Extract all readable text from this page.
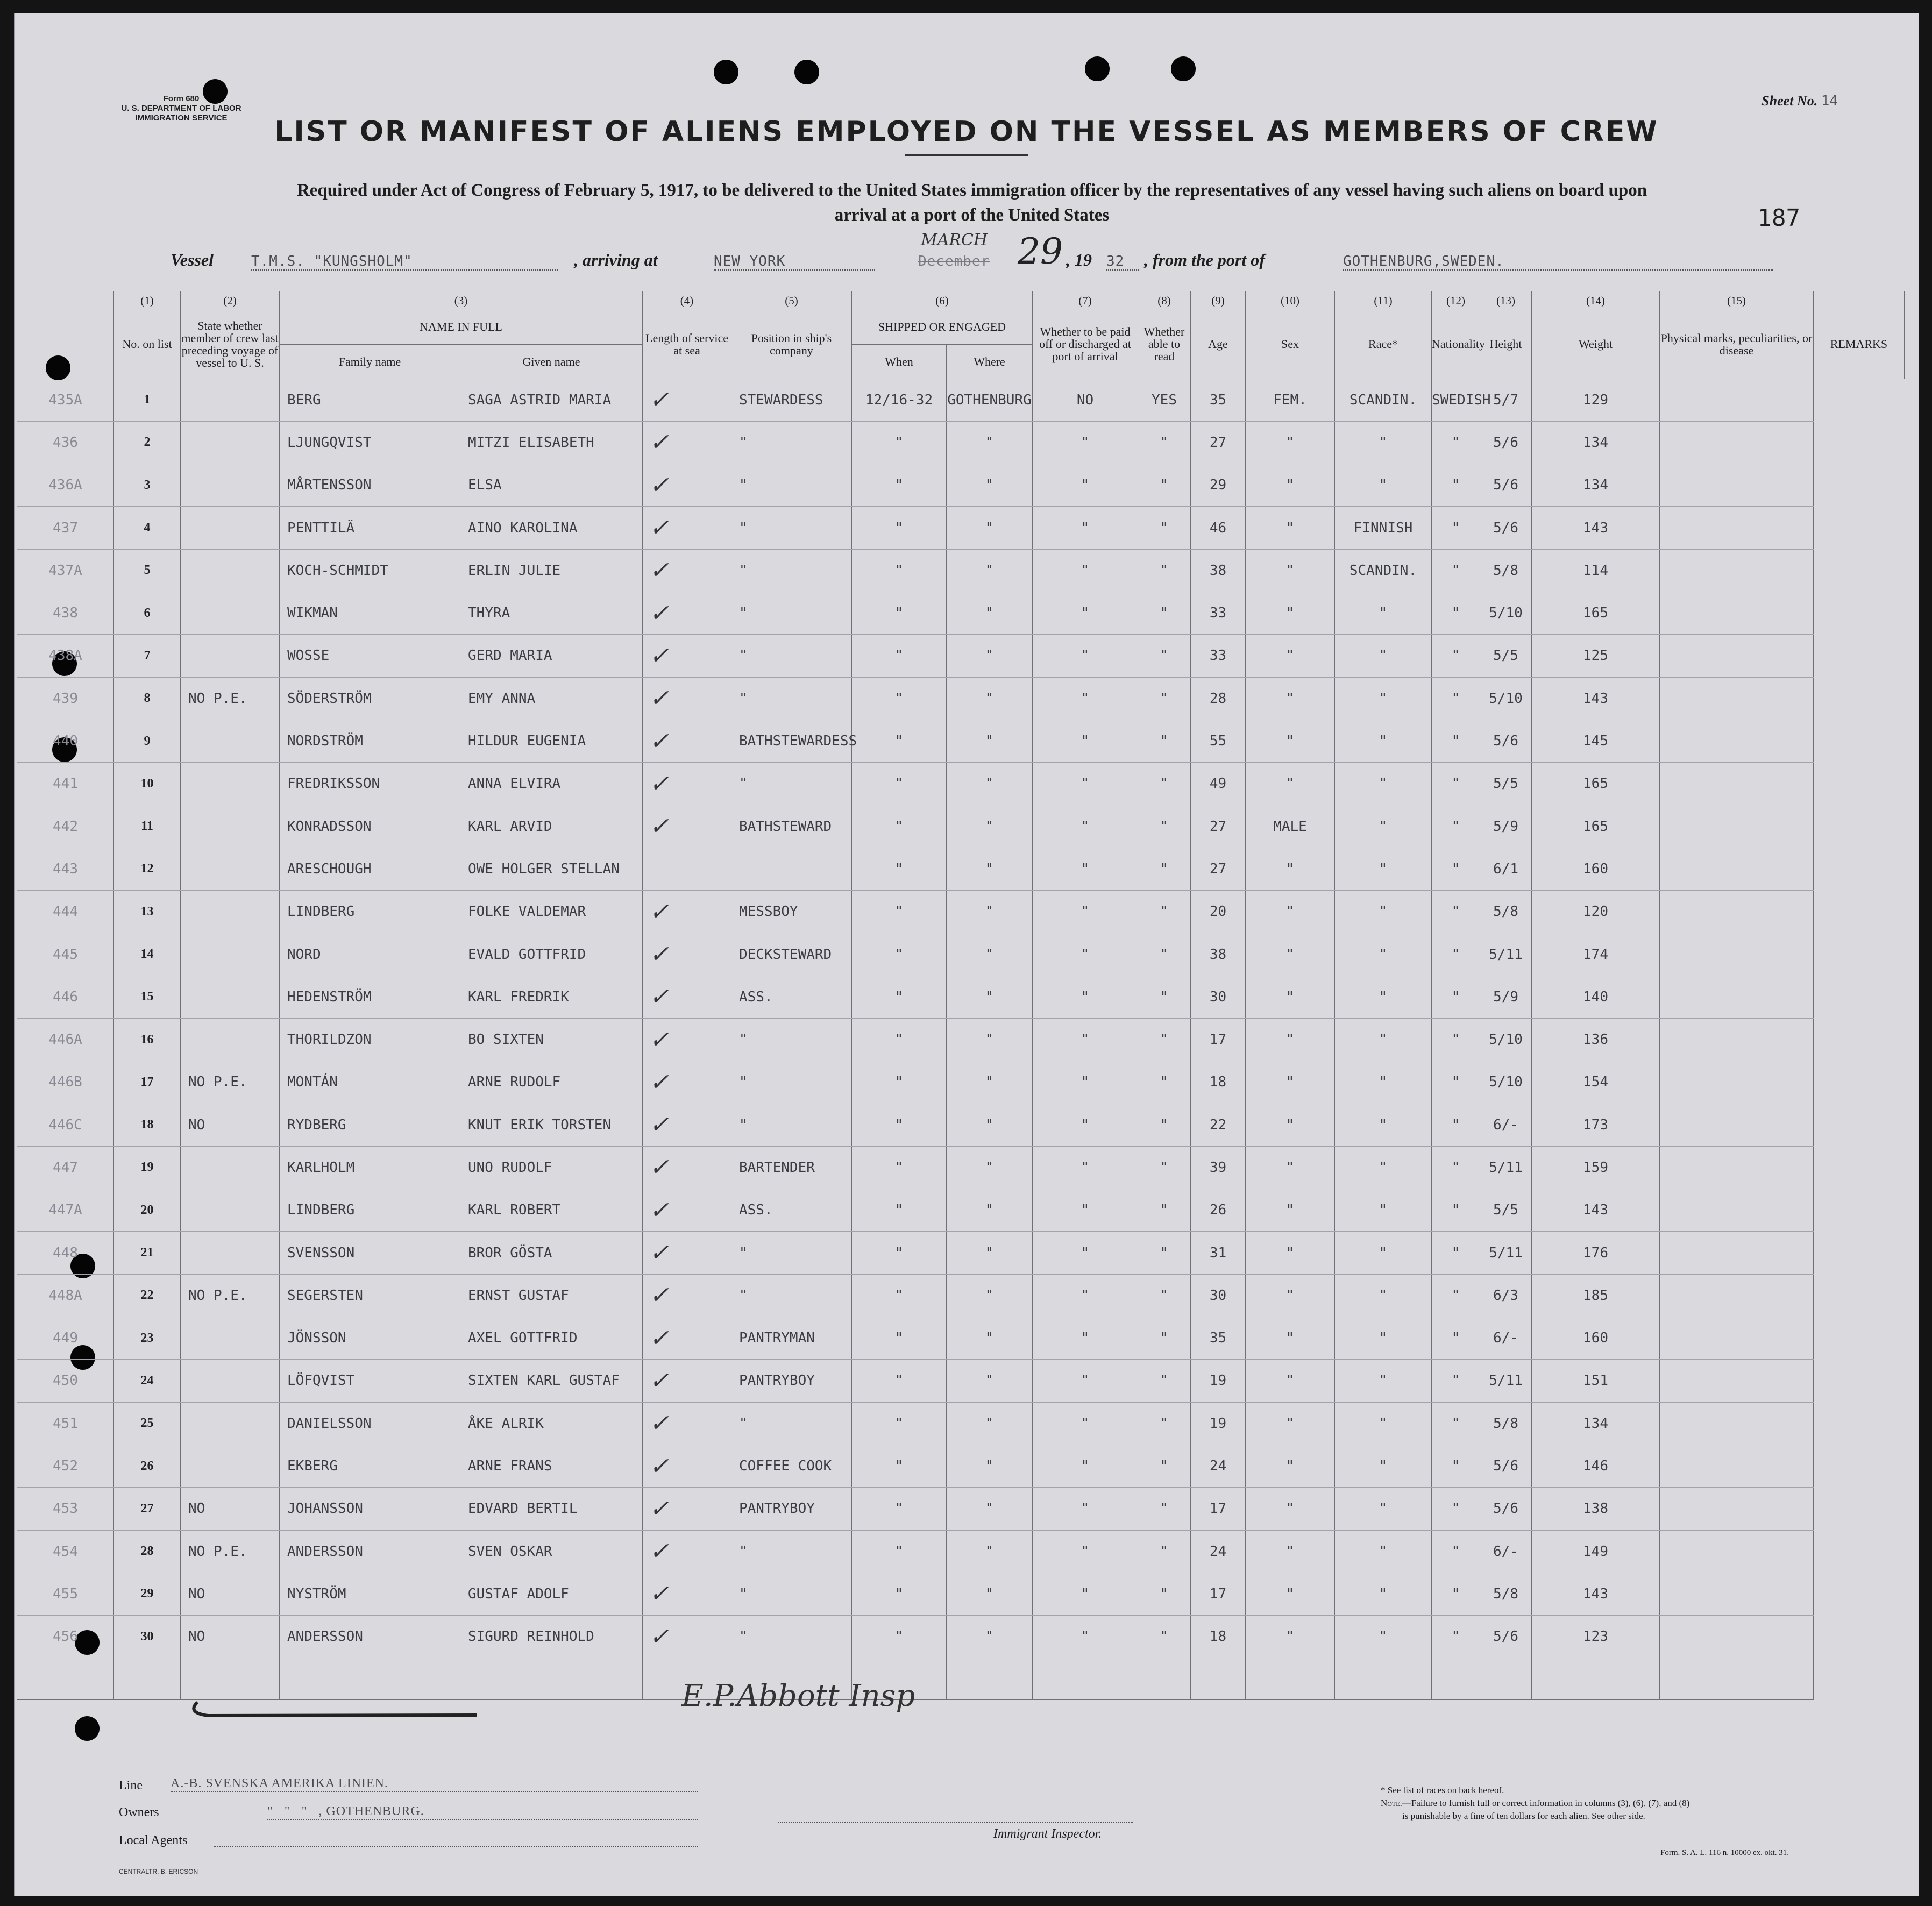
Form 680
U. S. DEPARTMENT OF LABOR
IMMIGRATION SERVICE
Sheet No. 14
LIST OR MANIFEST OF ALIENS EMPLOYED ON THE VESSEL AS MEMBERS OF CREW
Required under Act of Congress of February 5, 1917, to be delivered to the United States immigration officer by the representatives of any vessel having such aliens on board upon
arrival at a port of the United States	187
Vessel	T.M.S. "KUNGSHOLM"	, arriving at	NEW YORK	December
MARCH 29 , 19 32	, from the port of	GOTHENBURG,SWEDEN.
	(1)	(2)	(3)		(4)	(5)	(6)		(7)	(8)	(9)	(10)	(11)	(12)	(13)	(14)	(15)	
	No. on list	State whether member of crew last preceding voyage of vessel to U. S.	NAME IN FULL		Length of service at sea	Position in ship's company	SHIPPED OR ENGAGED		Whether to be paid off or discharged at port of arrival	Whether able to read	Age	Sex	Race*	Nationality	Height	Weight	Physical marks, peculiarities, or disease	REMARKS
			Family name	Given name			When	Where										
435A	1		BERG	SAGA ASTRID MARIA	✓	STEWARDESS	12/16-32	GOTHENBURG	NO	YES	35	FEM.	SCANDIN.	SWEDISH	5/7	129		
436	2		LJUNGQVIST	MITZI ELISABETH	✓	"	"	"	"	"	27	"	"	"	5/6	134		
436A	3		MÅRTENSSON	ELSA	✓	"	"	"	"	"	29	"	"	"	5/6	134		
437	4		PENTTILÄ	AINO KAROLINA	✓	"	"	"	"	"	46	"	FINNISH	"	5/6	143		
437A	5		KOCH-SCHMIDT	ERLIN JULIE	✓	"	"	"	"	"	38	"	SCANDIN.	"	5/8	114		
438	6		WIKMAN	THYRA	✓	"	"	"	"	"	33	"	"	"	5/10	165		
438A	7		WOSSE	GERD MARIA	✓	"	"	"	"	"	33	"	"	"	5/5	125		
439	8	NO P.E.	SÖDERSTRÖM	EMY ANNA	✓	"	"	"	"	"	28	"	"	"	5/10	143		
440	9		NORDSTRÖM	HILDUR EUGENIA	✓	BATHSTEWARDESS	"	"	"	"	55	"	"	"	5/6	145		
441	10		FREDRIKSSON	ANNA ELVIRA	✓	"	"	"	"	"	49	"	"	"	5/5	165		
442	11		KONRADSSON	KARL ARVID	✓	BATHSTEWARD	"	"	"	"	27	MALE	"	"	5/9	165		
443	12		ARESCHOUGH	OWE HOLGER STELLAN			"	"	"	"	27	"	"	"	6/1	160		
444	13		LINDBERG	FOLKE VALDEMAR	✓	MESSBOY	"	"	"	"	20	"	"	"	5/8	120		
445	14		NORD	EVALD GOTTFRID	✓	DECKSTEWARD	"	"	"	"	38	"	"	"	5/11	174		
446	15		HEDENSTRÖM	KARL FREDRIK	✓	ASS.	"	"	"	"	30	"	"	"	5/9	140		
446A	16		THORILDZON	BO SIXTEN	✓	"	"	"	"	"	17	"	"	"	5/10	136		
446B	17	NO P.E.	MONTÁN	ARNE RUDOLF	✓	"	"	"	"	"	18	"	"	"	5/10	154		
446C	18	NO	RYDBERG	KNUT ERIK TORSTEN	✓	"	"	"	"	"	22	"	"	"	6/-	173		
447	19		KARLHOLM	UNO RUDOLF	✓	BARTENDER	"	"	"	"	39	"	"	"	5/11	159		
447A	20		LINDBERG	KARL ROBERT	✓	ASS.	"	"	"	"	26	"	"	"	5/5	143		
448	21		SVENSSON	BROR GÖSTA	✓	"	"	"	"	"	31	"	"	"	5/11	176		
448A	22	NO P.E.	SEGERSTEN	ERNST GUSTAF	✓	"	"	"	"	"	30	"	"	"	6/3	185		
449	23		JÖNSSON	AXEL GOTTFRID	✓	PANTRYMAN	"	"	"	"	35	"	"	"	6/-	160		
450	24		LÖFQVIST	SIXTEN KARL GUSTAF	✓	PANTRYBOY	"	"	"	"	19	"	"	"	5/11	151		
451	25		DANIELSSON	ÅKE ALRIK	✓	"	"	"	"	"	19	"	"	"	5/8	134		
452	26		EKBERG	ARNE FRANS	✓	COFFEE COOK	"	"	"	"	24	"	"	"	5/6	146		
453	27	NO	JOHANSSON	EDVARD BERTIL	✓	PANTRYBOY	"	"	"	"	17	"	"	"	5/6	138		
454	28	NO P.E.	ANDERSSON	SVEN OSKAR	✓	"	"	"	"	"	24	"	"	"	6/-	149		
455	29	NO	NYSTRÖM	GUSTAF ADOLF	✓	"	"	"	"	"	17	"	"	"	5/8	143		
456	30	NO	ANDERSSON	SIGURD REINHOLD	✓	"	"	"	"	"	18	"	"	"	5/6	123		

E.P.Abbott Insp
Line A.-B. SVENSKA AMERIKA LINIEN.
Owners	"   "   "   , GOTHENBURG.
Local Agents	Immigrant Inspector.
CENTRALTR. B. ERICSON
* See list of races on back hereof.
Note.—Failure to furnish full or correct information in columns (3), (6), (7), and (8)
is punishable by a fine of ten dollars for each alien. See other side.
Form. S. A. L. 116 n. 10000 ex. okt. 31.
